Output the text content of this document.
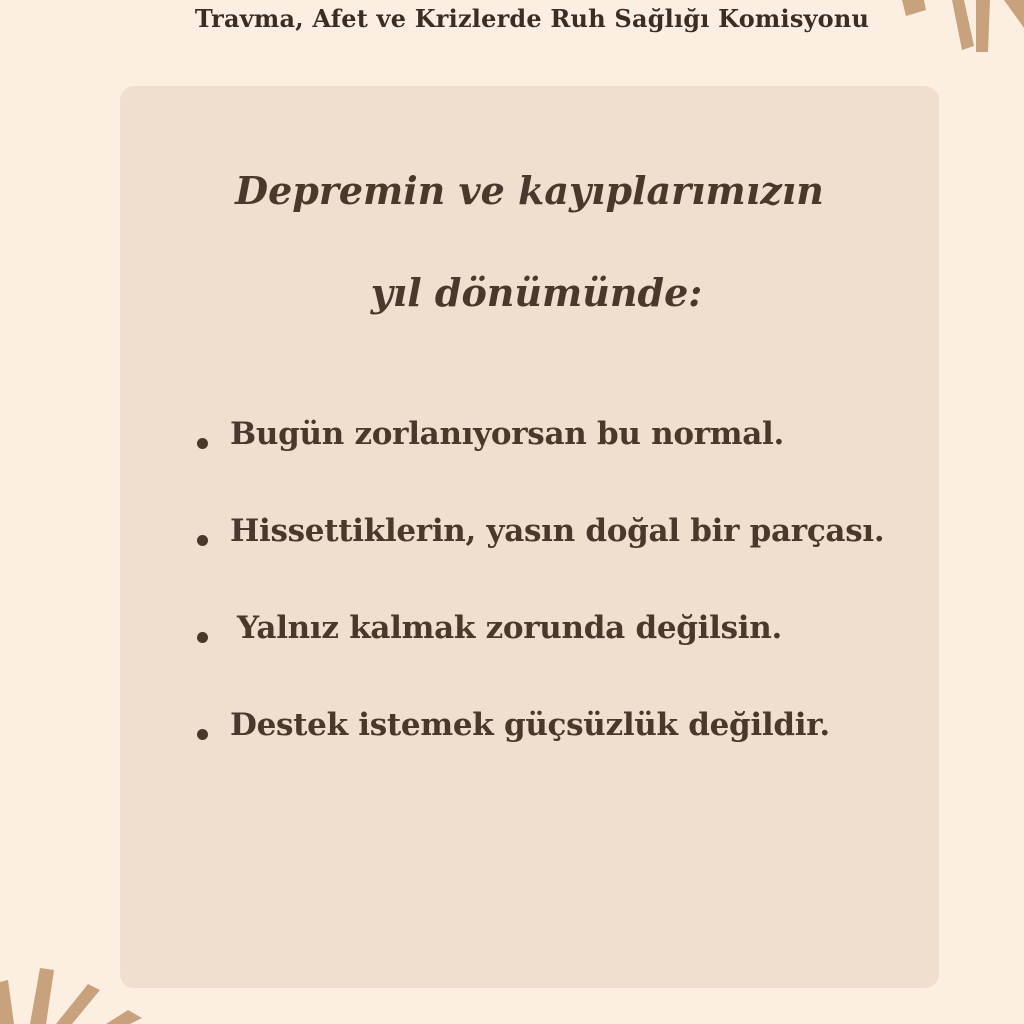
Travma, Afet ve Krizlerde Ruh Sağlığı Komisyonu
Depremin ve kayıplarımızın
yıl dönümünde:
Bugün zorlanıyorsan bu normal.
Hissettiklerin, yasın doğal bir parçası.
Yalnız kalmak zorunda değilsin.
Destek istemek güçsüzlük değildir.
